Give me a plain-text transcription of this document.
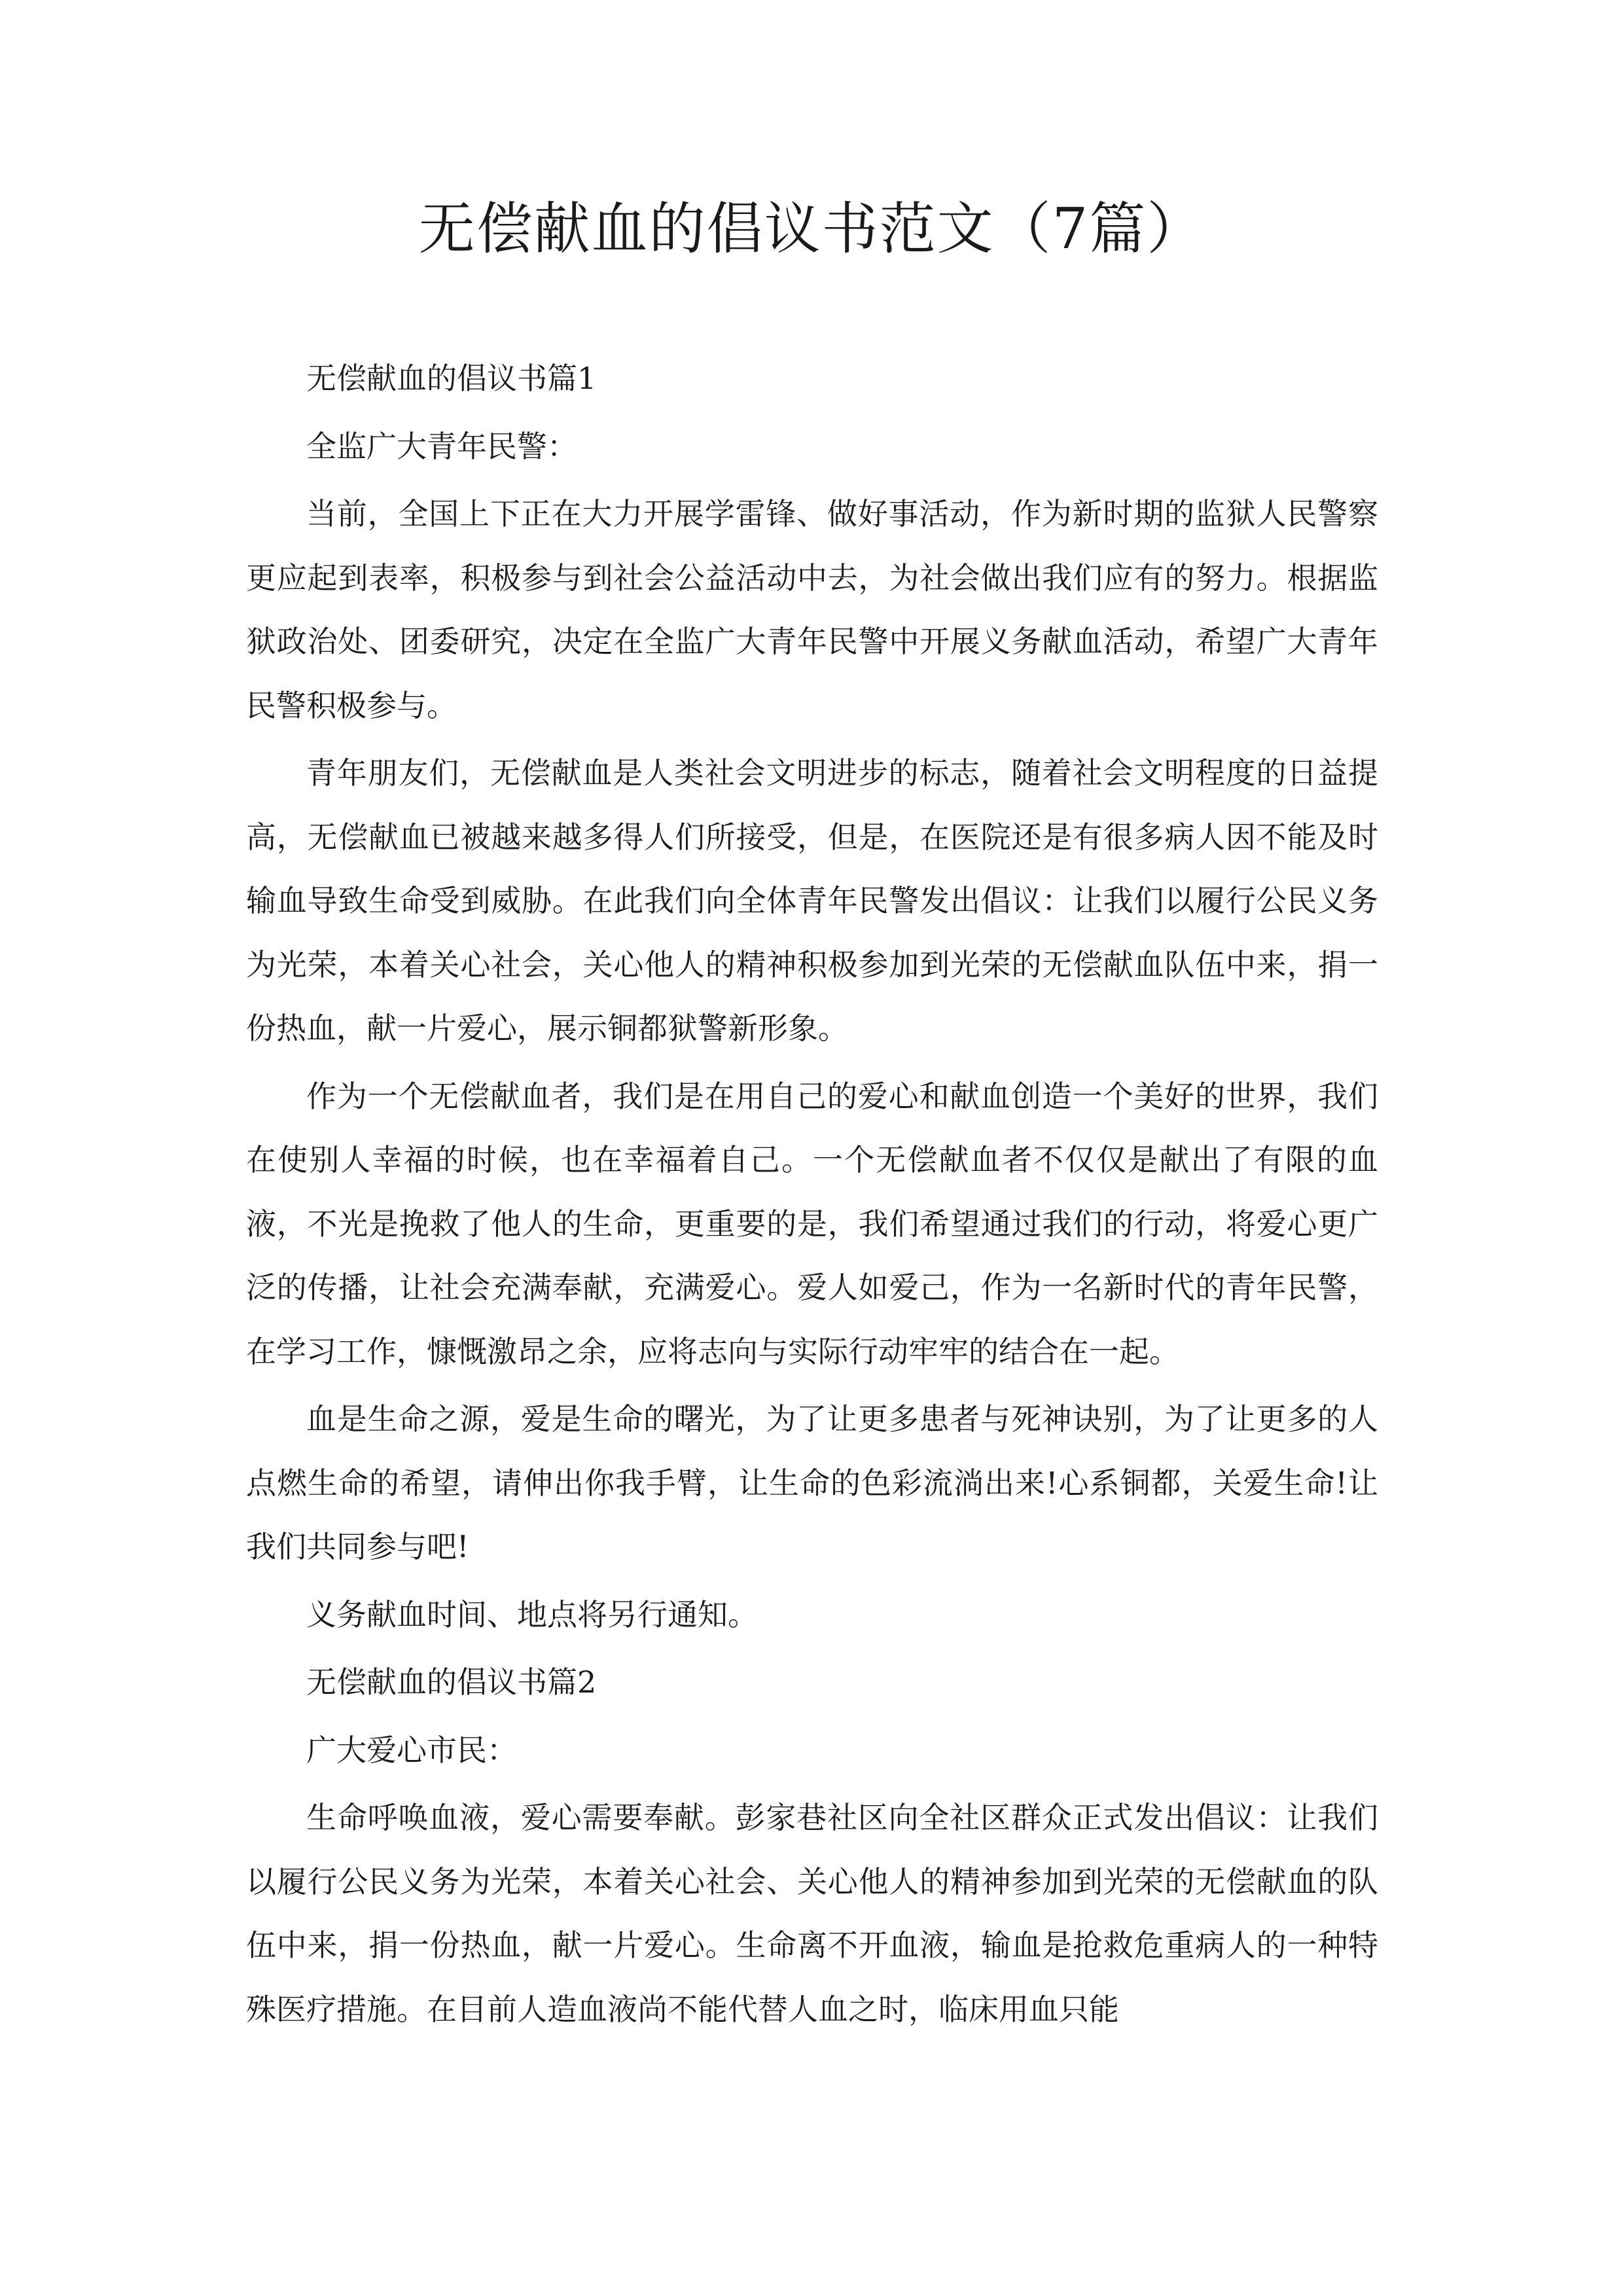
无偿献血的倡议书范文（7篇）

无偿献血的倡议书篇1

全监广大青年民警：

当前，全国上下正在大力开展学雷锋、做好事活动，作为新时期的监狱人民警察更应起到表率，积极参与到社会公益活动中去，为社会做出我们应有的努力。根据监狱政治处、团委研究，决定在全监广大青年民警中开展义务献血活动，希望广大青年民警积极参与。

青年朋友们，无偿献血是人类社会文明进步的标志，随着社会文明程度的日益提高，无偿献血已被越来越多得人们所接受，但是，在医院还是有很多病人因不能及时输血导致生命受到威胁。在此我们向全体青年民警发出倡议：让我们以履行公民义务为光荣，本着关心社会，关心他人的精神积极参加到光荣的无偿献血队伍中来，捐一份热血，献一片爱心，展示铜都狱警新形象。

作为一个无偿献血者，我们是在用自己的爱心和献血创造一个美好的世界，我们在使别人幸福的时候，也在幸福着自己。一个无偿献血者不仅仅是献出了有限的血液，不光是挽救了他人的生命，更重要的是，我们希望通过我们的行动，将爱心更广泛的传播，让社会充满奉献，充满爱心。爱人如爱己，作为一名新时代的青年民警，在学习工作，慷慨激昂之余，应将志向与实际行动牢牢的结合在一起。

血是生命之源，爱是生命的曙光，为了让更多患者与死神诀别，为了让更多的人点燃生命的希望，请伸出你我手臂，让生命的色彩流淌出来!心系铜都，关爱生命!让我们共同参与吧!

义务献血时间、地点将另行通知。

无偿献血的倡议书篇2

广大爱心市民：

生命呼唤血液，爱心需要奉献。彭家巷社区向全社区群众正式发出倡议：让我们以履行公民义务为光荣，本着关心社会、关心他人的精神参加到光荣的无偿献血的队伍中来，捐一份热血，献一片爱心。生命离不开血液，输血是抢救危重病人的一种特殊医疗措施。在目前人造血液尚不能代替人血之时，临床用血只能
